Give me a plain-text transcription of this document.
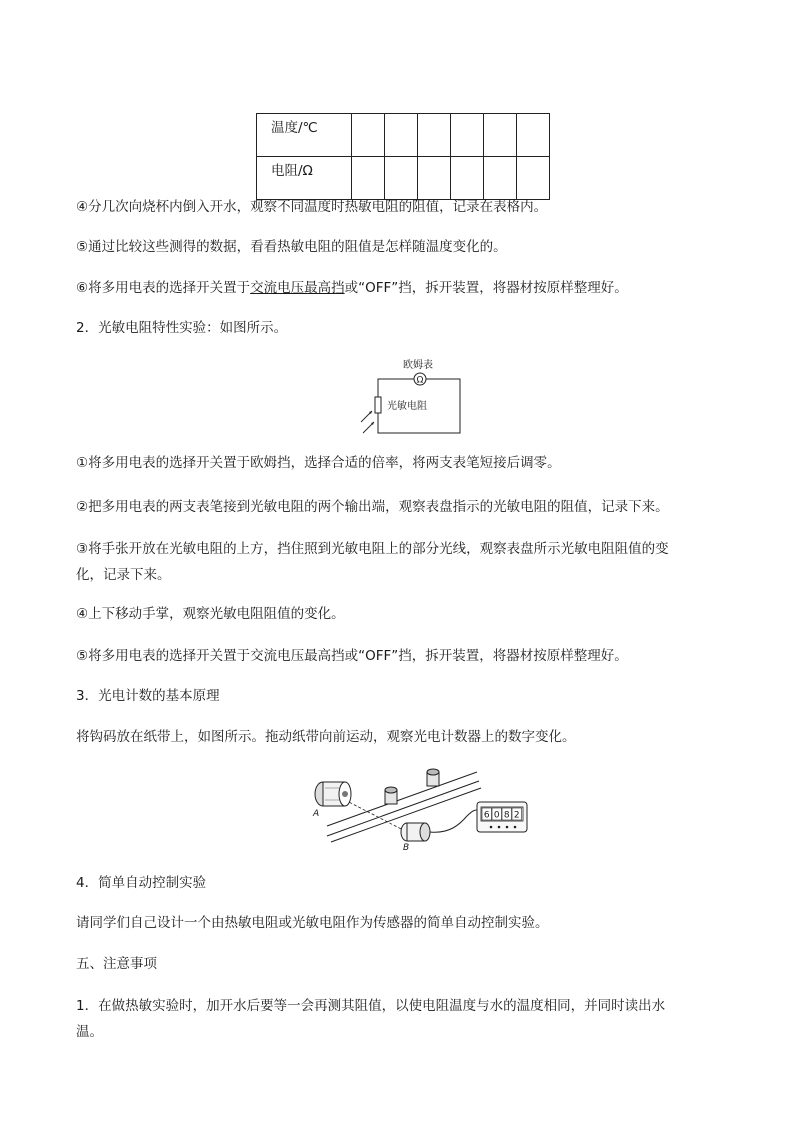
温度/℃						
电阻/Ω						
④分几次向烧杯内倒入开水，观察不同温度时热敏电阻的阻值，记录在表格内。
⑤通过比较这些测得的数据，看看热敏电阻的阻值是怎样随温度变化的。
⑥将多用电表的选择开关置于交流电压最高挡或“OFF”挡，拆开装置，将器材按原样整理好。
2．光敏电阻特性实验：如图所示。
欧姆表
Ω
光敏电阻
①将多用电表的选择开关置于欧姆挡，选择合适的倍率，将两支表笔短接后调零。
②把多用电表的两支表笔接到光敏电阻的两个输出端，观察表盘指示的光敏电阻的阻值，记录下来。
③将手张开放在光敏电阻的上方，挡住照到光敏电阻上的部分光线，观察表盘所示光敏电阻阻值的变
化，记录下来。
④上下移动手掌，观察光敏电阻阻值的变化。
⑤将多用电表的选择开关置于交流电压最高挡或“OFF”挡，拆开装置，将器材按原样整理好。
3．光电计数的基本原理
将钩码放在纸带上，如图所示。拖动纸带向前运动，观察光电计数器上的数字变化。
A
B
6 0 8 2
4．简单自动控制实验
请同学们自己设计一个由热敏电阻或光敏电阻作为传感器的简单自动控制实验。
五、注意事项
1．在做热敏实验时，加开水后要等一会再测其阻值，以使电阻温度与水的温度相同，并同时读出水
温。
